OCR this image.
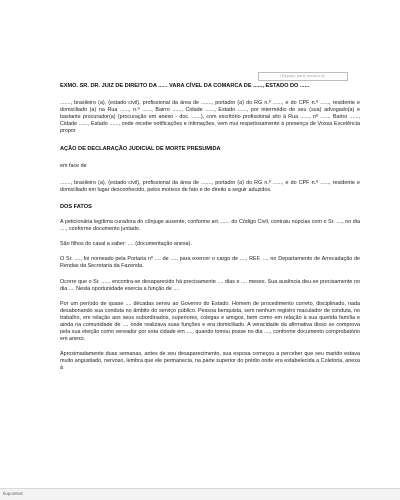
(Espaço para protocolo)

EXMO. SR. DR. JUIZ DE DIREITO DA ...... VARA CÍVEL DA COMARCA DE ......, ESTADO DO ......

......., brasileiro (a), (estado civil), profissional da área de ......., portador (a) do RG n.º ......, e do CPF n.º ......, residente e domiciliado (a) na Rua ......, n.º ......, Bairro ......, Cidade ......, Estado ......, por intermédio de seu (sua) advogado(a) e bastante procurador(a) (procuração em anexo - doc. ......), com escritório profissional sito à Rua ......, nº ......, Bairro ......, Cidade ......, Estado ......, onde recebe notificações e intimações, vem mui respeitosamente à presença de Vossa Excelência propor

AÇÃO DE DECLARAÇÃO JUDICIAL DE MORTE PRESUMIDA

em face de

......., brasileiro (a), (estado civil), profissional da área de ......., portador (a) do RG n.º ......, e do CPF n.º ......, residente e domiciliado em lugar desconhecido, pelos motivos de fato e de direito a seguir aduzidos.

DOS FATOS

A peticionária legítima curadora do cônjuge ausente, conforme art. ...... do Código Civil, contraiu núpcias com o Sr. ...., no dia ...., conforme documento juntado.

São filhos do casal a saber: .... (documentação anexa).

O Sr. ...., foi nomeado pela Portaria nº .... de ...., para exercer o cargo de ...., REF. .... no Departamento de Arrecadação de Rendas da Secretaria da Fazenda.

Ocorre que o Sr. ...... encontra-se desaparecido há precisamente .... dias e .... meses. Sua ausência deu-se precisamente no dia .... Nesta oportunidade exercia a função de ....

Por um período de quase .... décadas serviu ao Governo do Estado. Homem de procedimento correto, disciplinado, nada desabonando sua conduta no âmbito do serviço público. Pessoa benquista, sem nenhum registro maculador de conduta, no trabalho, em relação aos seus subordinados, superiores, colegas e amigos, bem como em relação à sua querida família e ainda na comunidade de .... onde realizava suas funções e era domiciliado. A veracidade da afirmativa disso se comprova pela sua eleição como vereador por esta cidade em ...., quando tomou posse no dia ...., conforme documento comprobatório em anexo.

Aproximadamente duas semanas, antes de seu desaparecimento, sua esposa começou a perceber que seu marido estava muito angustiado, nervoso, lembra que ele permanecia, na parte superior do prédio onde era estabelecida a Coletoria, anexa à

Ilupointed
